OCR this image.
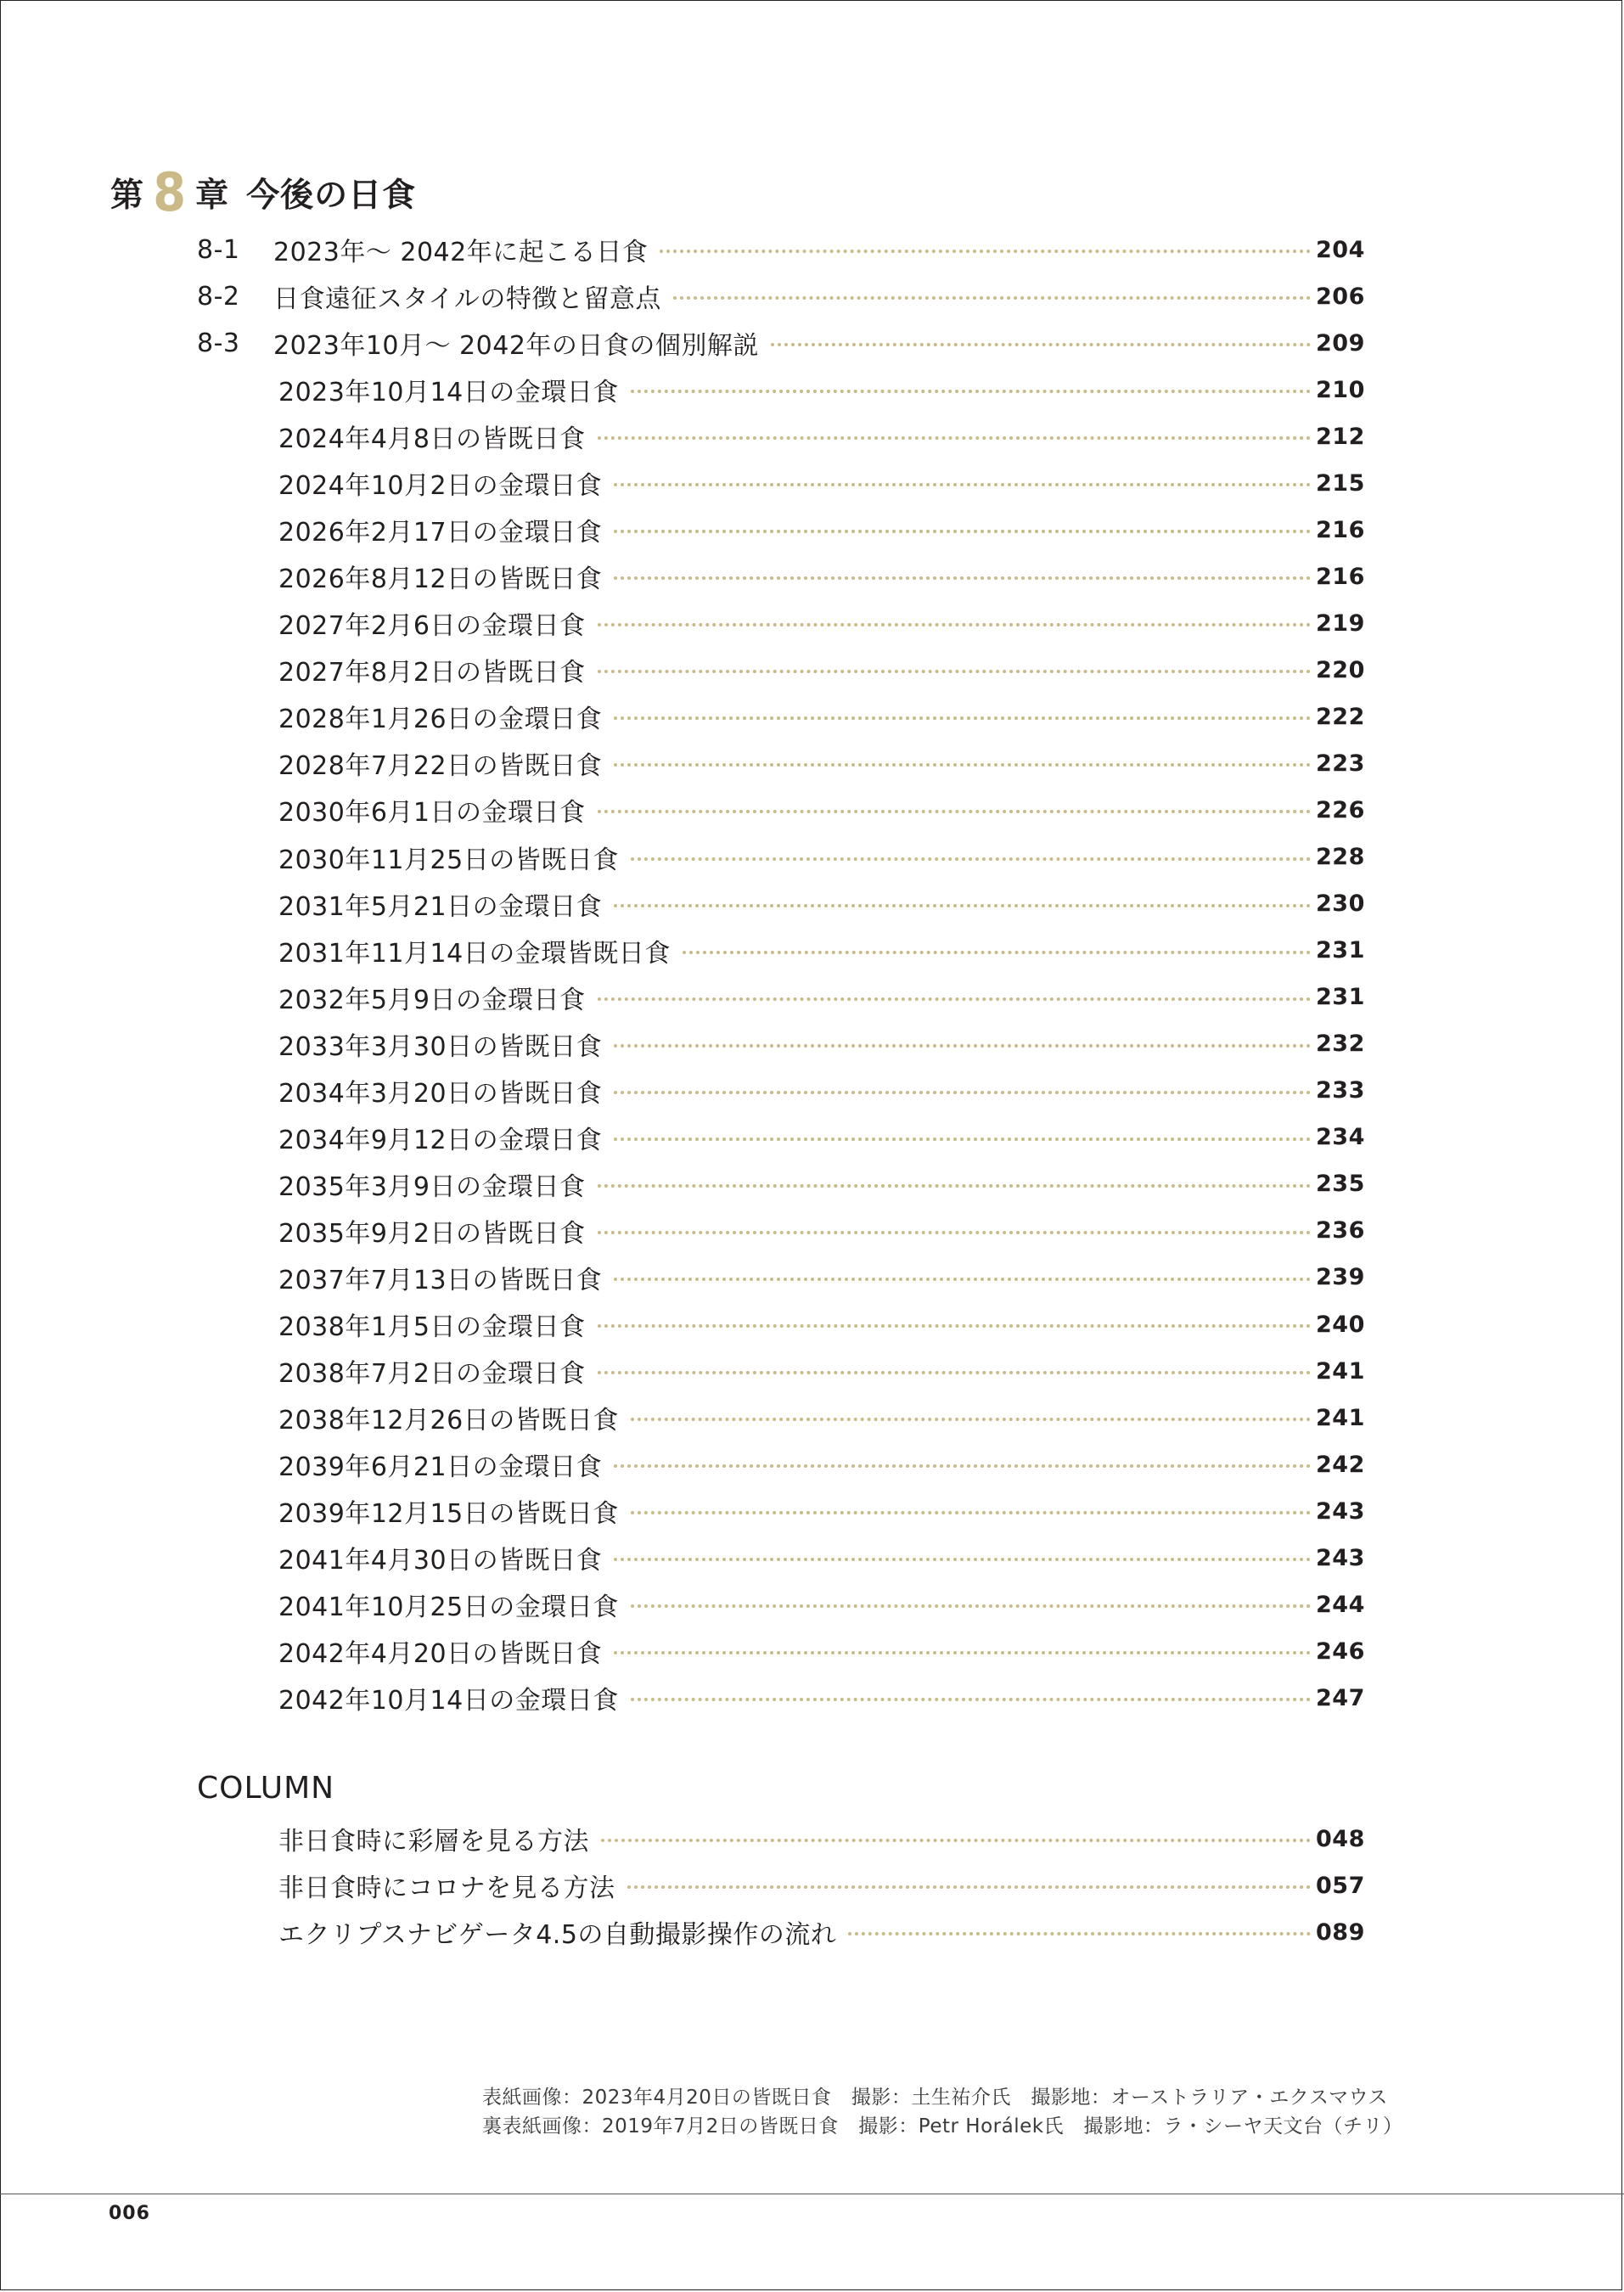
第 8 章 今後の日食
8-1	2023年～ 2042年に起こる日食	204
8-2	日食遠征スタイルの特徴と留意点	206
8-3	2023年10月～ 2042年の日食の個別解説	209
2023年10月14日の金環日食	210
2024年4月8日の皆既日食	212
2024年10月2日の金環日食	215
2026年2月17日の金環日食	216
2026年8月12日の皆既日食	216
2027年2月6日の金環日食	219
2027年8月2日の皆既日食	220
2028年1月26日の金環日食	222
2028年7月22日の皆既日食	223
2030年6月1日の金環日食	226
2030年11月25日の皆既日食	228
2031年5月21日の金環日食	230
2031年11月14日の金環皆既日食	231
2032年5月9日の金環日食	231
2033年3月30日の皆既日食	232
2034年3月20日の皆既日食	233
2034年9月12日の金環日食	234
2035年3月9日の金環日食	235
2035年9月2日の皆既日食	236
2037年7月13日の皆既日食	239
2038年1月5日の金環日食	240
2038年7月2日の金環日食	241
2038年12月26日の皆既日食	241
2039年6月21日の金環日食	242
2039年12月15日の皆既日食	243
2041年4月30日の皆既日食	243
2041年10月25日の金環日食	244
2042年4月20日の皆既日食	246
2042年10月14日の金環日食	247
COLUMN
非日食時に彩層を見る方法	048
非日食時にコロナを見る方法	057
エクリプスナビゲータ4.5の自動撮影操作の流れ	089
表紙画像：2023年4月20日の皆既日食　撮影：土生祐介氏　撮影地：オーストラリア・エクスマウス
裏表紙画像：2019年7月2日の皆既日食　撮影：Petr Horálek氏　撮影地：ラ・シーヤ天文台（チリ）
006
